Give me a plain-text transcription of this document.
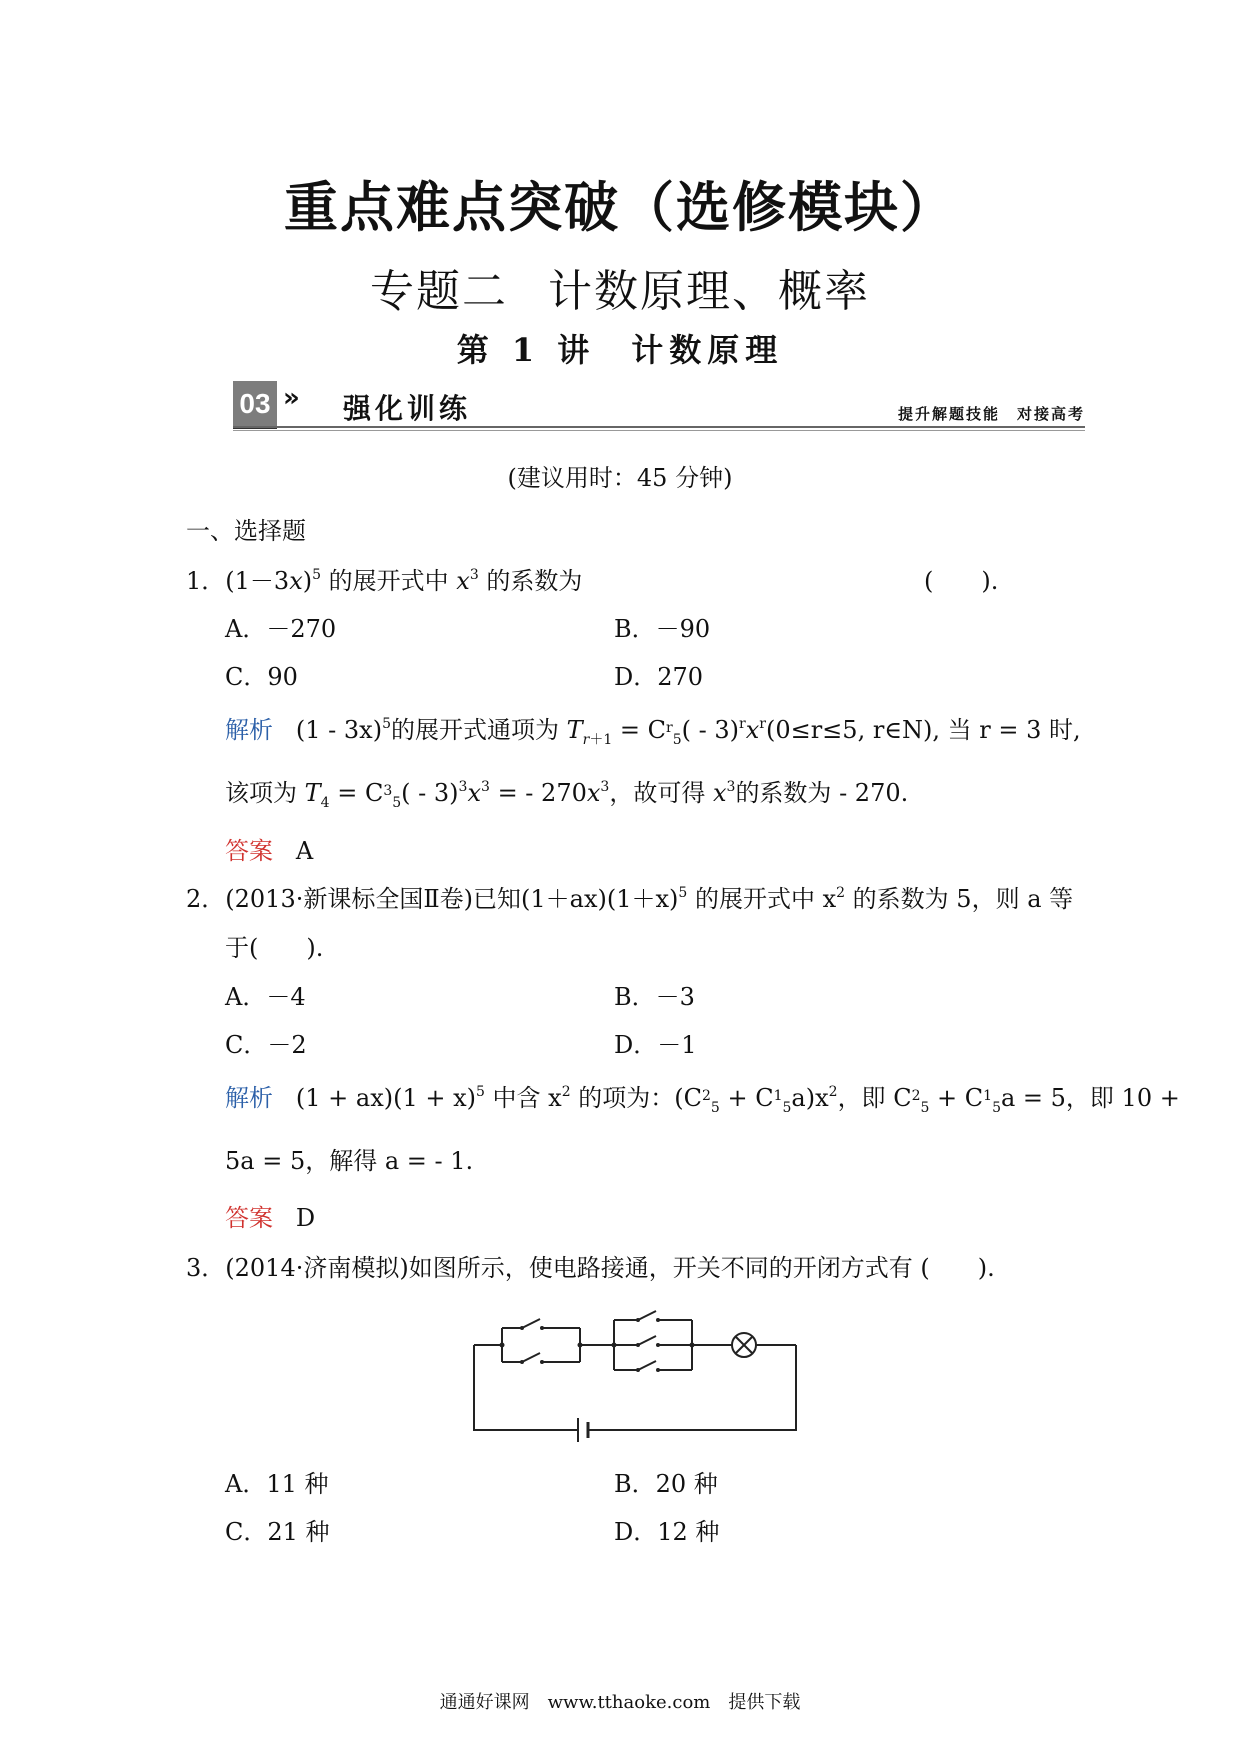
重点难点突破（选修模块）
专题二 计数原理、概率
第 1 讲 计数原理
03 » 强化训练	提升解题技能　对接高考
(建议用时：45 分钟)
一、选择题
1．$(1-3x)^5$ 的展开式中 $x^3$ 的系数为	(　　).
A．－270	B．－90
C．90	D．270
解析 (1 - 3x)$^5$的展开式通项为 $T_{r+1} = C^r_5( - 3)^rx^r(0\le r\le 5$, r∈N), 当 r = 3 时,
该项为 $T_4 = C^3_5( - 3)^3x^3$ = - $270x^3$，故可得 $x^3$的系数为 - 270.
答案 A
2．(2013·新课标全国Ⅱ卷)已知$(1+ax)(1+x)^5$ 的展开式中 $x^2$ 的系数为 5，则 a 等
于(　　).
A．－4	B．－3
C．－2	D．－1
解析 $(1 + ax)(1 + x)^5$ 中含 $x^2$ 的项为：$(C^2_5 + C^1_5a)x^2$，即 $C^2_5 + C^1_5a = 5$，即 10 +
5a = 5，解得 a = - 1.
答案 D
3．(2014·济南模拟)如图所示，使电路接通，开关不同的开闭方式有 (　　).
A．11 种	B．20 种
C．21 种	D．12 种
通通好课网　www.tthaoke.com　提供下载
